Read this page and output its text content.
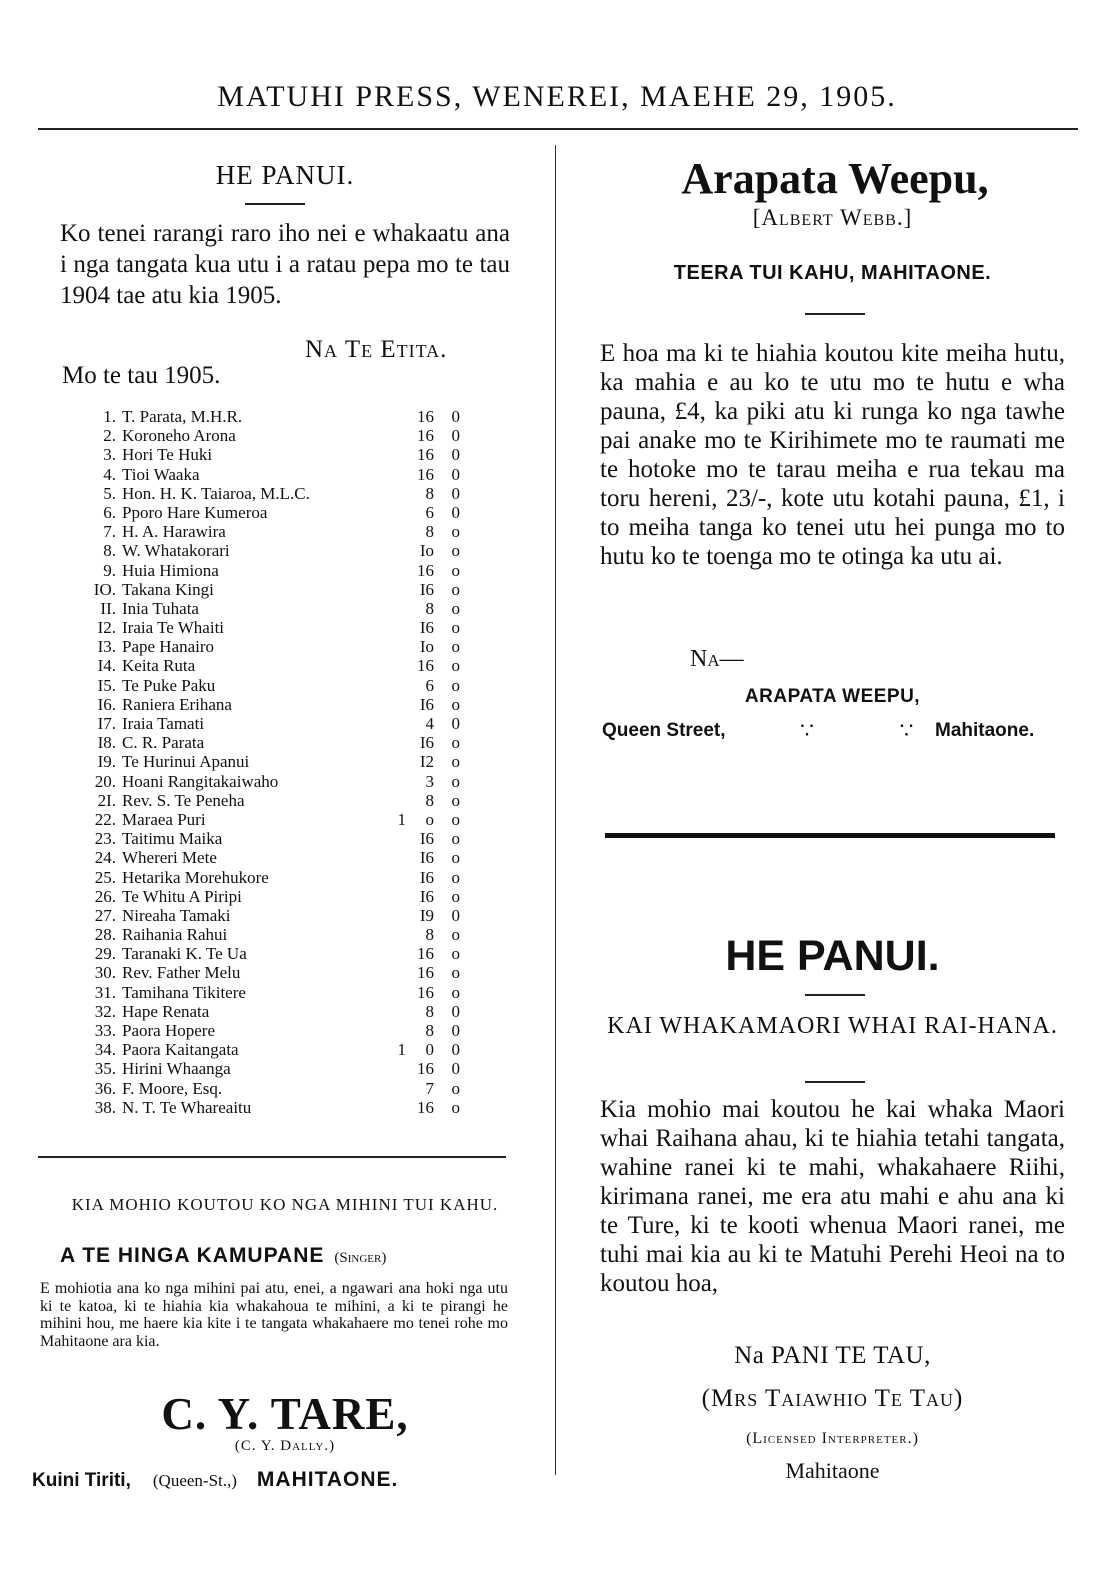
MATUHI PRESS, WENEREI, MAEHE 29, 1905.
HE PANUI.
Ko tenei rarangi raro iho nei e whakaatu ana i nga tangata kua utu i a ratau pepa mo te tau 1904 tae atu kia 1905.
Na Te Etita.
Mo te tau 1905.
1. T. Parata, M.H.R.	16	0
2. Koroneho Arona	16	0
3. Hori Te Huki	16	0
4. Tioi Waaka	16	0
5. Hon. H. K. Taiaroa, M.L.C.	8	0
6. Pporo Hare Kumeroa	6	0
7. H. A. Harawira	8	o
8. W. Whatakorari	Io	o
9. Huia Himiona	16	o
IO. Takana Kingi	I6	o
II. Inia Tuhata	8	o
I2. Iraia Te Whaiti	I6	o
I3. Pape Hanairo	Io	o
I4. Keita Ruta	16	o
I5. Te Puke Paku	6	o
I6. Raniera Erihana	I6	o
I7. Iraia Tamati	4	0
I8. C. R. Parata	I6	o
I9. Te Hurinui Apanui	I2	o
20. Hoani Rangitakaiwaho	3	o
2I. Rev. S. Te Peneha	8	o
22. Maraea Puri	1	o	o
23. Taitimu Maika	I6	o
24. Whereri Mete	I6	o
25. Hetarika Morehukore	I6	o
26. Te Whitu A Piripi	I6	o
27. Nireaha Tamaki	I9	0
28. Raihania Rahui	8	o
29. Taranaki K. Te Ua	16	o
30. Rev. Father Melu	16	o
31. Tamihana Tikitere	16	o
32. Hape Renata	8	0
33. Paora Hopere	8	0
34. Paora Kaitangata	1	0	0
35. Hirini Whaanga	16	0
36. F. Moore, Esq.	7	o
38. N. T. Te Whareaitu	16	o
KIA MOHIO KOUTOU KO NGA MIHINI TUI KAHU.
A TE HINGA KAMUPANE (Singer)
E mohiotia ana ko nga mihini pai atu, enei, a ngawari ana hoki nga utu ki te katoa, ki te hiahia kia whakahoua te mihini, a ki te pirangi he mihini hou, me haere kia kite i te tangata whakahaere mo tenei rohe mo Mahitaone ara kia.
C. Y. TARE,
(C. Y. Dally.)
Kuini Tiriti, (Queen-St.,) MAHITAONE.
Arapata Weepu,
[Albert Webb.]
TEERA TUI KAHU, MAHITAONE.
E hoa ma ki te hiahia koutou kite meiha hutu, ka mahia e au ko te utu mo te hutu e wha pauna, £4, ka piki atu ki runga ko nga tawhe pai anake mo te Kirihimete mo te raumati me te hotoke mo te tarau meiha e rua tekau ma toru hereni, 23/-, kote utu kotahi pauna, £1, i to meiha tanga ko tenei utu hei punga mo to hutu ko te toenga mo te otinga ka utu ai.
Na—
ARAPATA WEEPU,
Queen Street,	∵ ∵
Mahitaone.
HE PANUI.
KAI WHAKAMAORI WHAI RAI-HANA.
Kia mohio mai koutou he kai whaka Maori whai Raihana ahau, ki te hiahia tetahi tangata, wahine ranei ki te mahi, whakahaere Riihi, kirimana ranei, me era atu mahi e ahu ana ki te Ture, ki te kooti whenua Maori ranei, me tuhi mai kia au ki te Matuhi Perehi Heoi na to koutou hoa,
Na PANI TE TAU,
(Mrs Taiawhio Te Tau)
(Licensed Interpreter.)
Mahitaone
